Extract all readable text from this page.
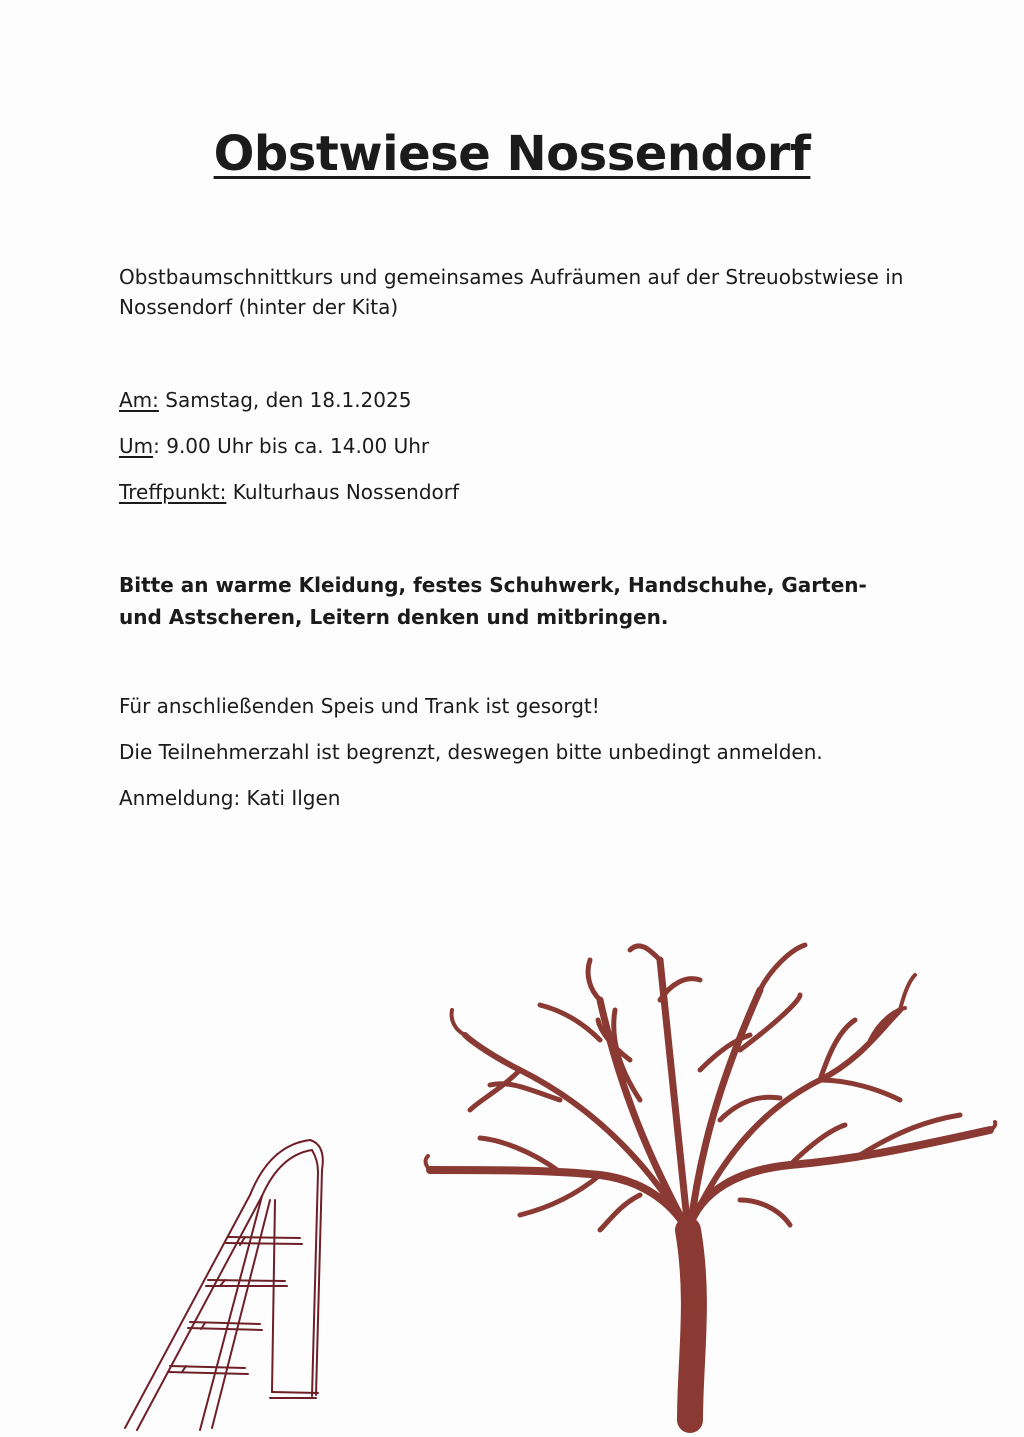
Obstwiese Nossendorf

Obstbaumschnittkurs und gemeinsames Aufräumen auf der Streuobstwiese in Nossendorf (hinter der Kita)

Am: Samstag, den 18.1.2025

Um: 9.00 Uhr bis ca. 14.00 Uhr

Treffpunkt: Kulturhaus Nossendorf

Bitte an warme Kleidung, festes Schuhwerk, Handschuhe, Garten- und Astscheren, Leitern denken und mitbringen.

Für anschließenden Speis und Trank ist gesorgt!

Die Teilnehmerzahl ist begrenzt, deswegen bitte unbedingt anmelden.

Anmeldung: Kati Ilgen
